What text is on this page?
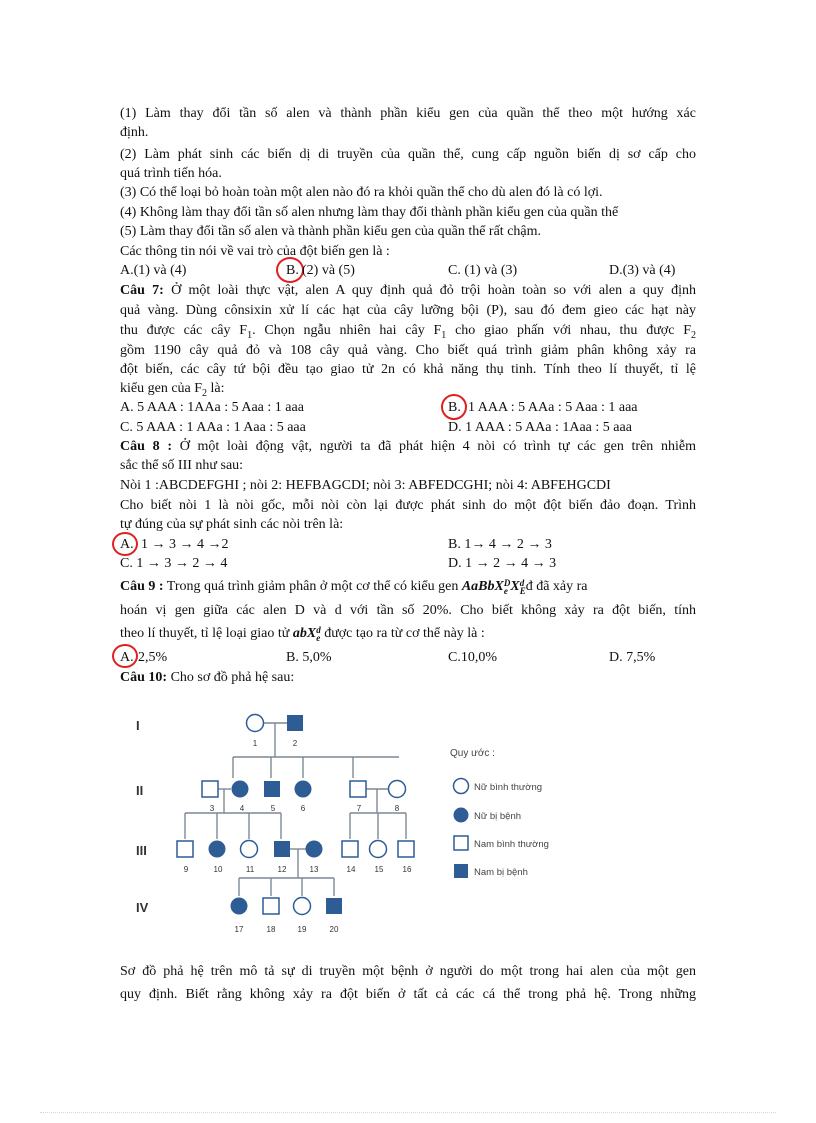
(1) Làm thay đổi tần số alen và thành phần kiểu gen của quần thể theo một hướng xác
định.
(2) Làm phát sinh các biến dị di truyền của quần thể, cung cấp nguồn biến dị sơ cấp cho
quá trình tiến hóa.
(3) Có thể loại bỏ hoàn toàn một alen nào đó ra khỏi quần thể cho dù alen đó là có lợi.
(4) Không làm thay đổi tần số alen nhưng làm thay đổi thành phần kiểu gen của quần thể
(5) Làm thay đổi tần số alen và thành phần kiểu gen của quần thể rất chậm.
Các thông tin nói về vai trò của đột biến gen là :
A.(1) và (4)	B. (2) và (5)	C. (1) và (3)	D.(3) và (4)
Câu 7: Ở một loài thực vật, alen A quy định quả đỏ trội hoàn toàn so với alen a quy định
quả vàng. Dùng cônsixin xử lí các hạt của cây lưỡng bội (P), sau đó đem gieo các hạt này
thu được các cây $F_1$. Chọn ngẫu nhiên hai cây $F_1$ cho giao phấn với nhau, thu được $F_2$
gồm 1190 cây quả đỏ và 108 cây quả vàng. Cho biết quá trình giảm phân không xảy ra
đột biến, các cây tứ bội đều tạo giao tử 2n có khả năng thụ tinh. Tính theo lí thuyết, tỉ lệ
kiểu gen của $F_2$ là:
A. 5 AAA : 1AAa : 5 Aaa : 1 aaa	B. 1 AAA : 5 AAa : 5 Aaa : 1 aaa
C. 5 AAA : 1 AAa : 1 Aaa : 5 aaa	D. 1 AAA : 5 AAa : 1Aaa : 5 aaa
Câu 8 : Ở một loài động vật, người ta đã phát hiện 4 nòi có trình tự các gen trên nhiễm
sắc thể số III như sau:
Nòi 1 :ABCDEFGHI ; nòi 2: HEFBAGCDI; nòi 3: ABFEDCGHI; nòi 4: ABFEHGCDI
Cho biết nòi 1 là nòi gốc, mỗi nòi còn lại được phát sinh do một đột biến đảo đoạn. Trình
tự đúng của sự phát sinh các nòi trên là:
A. 1 → 3 → 4 →2	B. 1→ 4 → 2 → 3
C. 1 → 3 → 2 → 4	D. 1 → 2 → 4 → 3
Câu 9 : Trong quá trình giảm phân ở một cơ thể có kiểu gen AaBbXD
e Xd
Eđ đã xảy ra
hoán vị gen giữa các alen D và d với tần số 20%. Cho biết không xảy ra đột biến, tính
theo lí thuyết, tỉ lệ loại giao tử abXd
e được tạo ra từ cơ thể này là :
A. 2,5%	B. 5,0%	C.10,0%	D. 7,5%
Câu 10: Cho sơ đồ phả hệ sau:
I
II
III
IV
1	2
3	4	5	6	7	8
9	10	11	12	13	14 15 16
17	18	19	20
Quy ước :
Nữ bình thường
Nữ bị bệnh
Nam bình thường
Nam bị bệnh
Sơ đồ phả hệ trên mô tả sự di truyền một bệnh ở người do một trong hai alen của một gen
quy định. Biết rằng không xảy ra đột biến ở tất cả các cá thể trong phả hệ. Trong những
